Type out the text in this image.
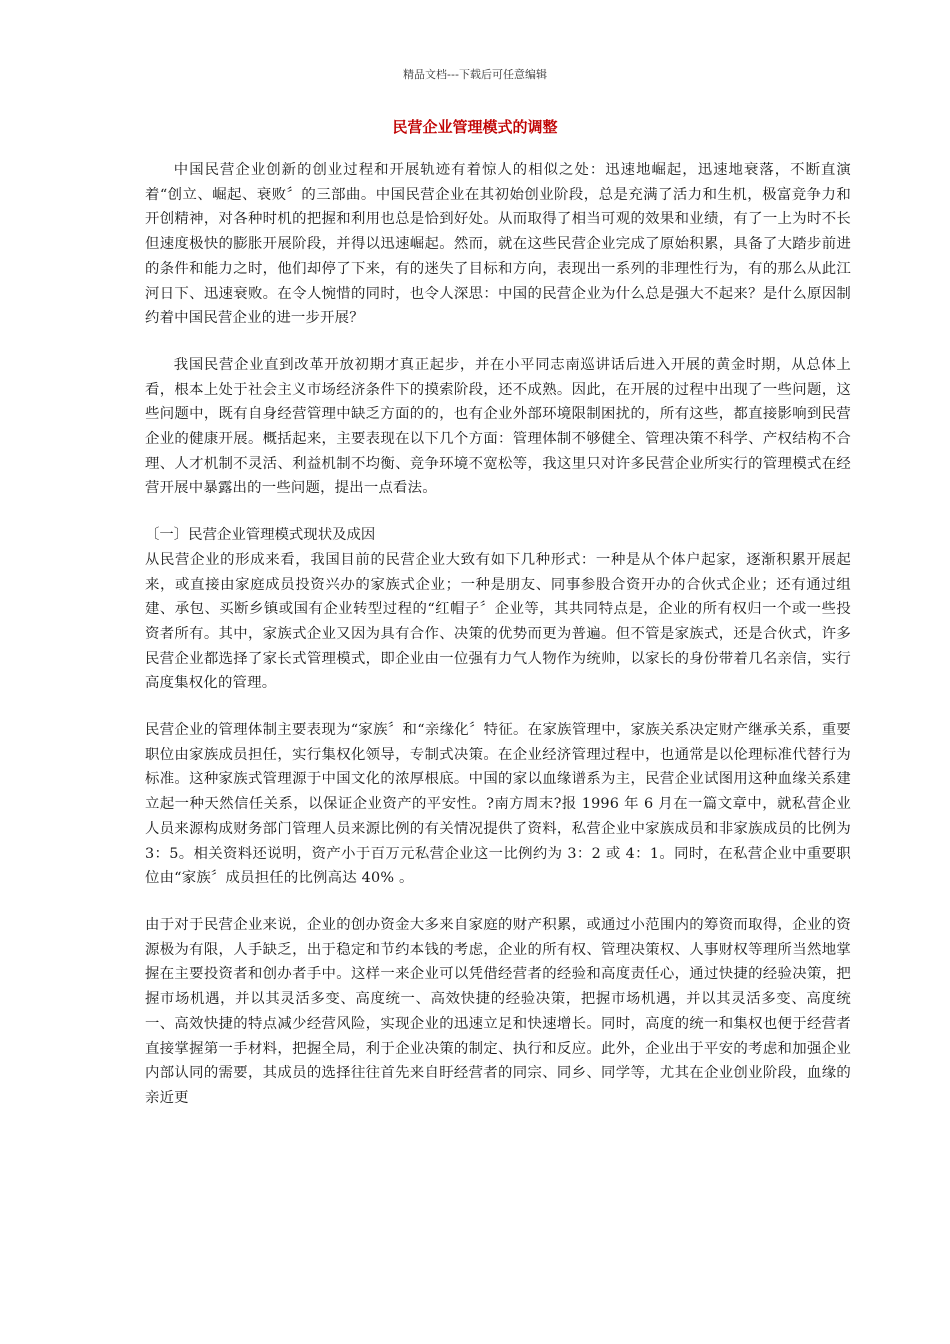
精品文档---下载后可任意编辑
民营企业管理模式的调整

中国民营企业创新的创业过程和开展轨迹有着惊人的相似之处：迅速地崛起，迅速地衰落，不断直演着“创立、崛起、衰败〞的三部曲。中国民营企业在其初始创业阶段，总是充满了活力和生机，极富竞争力和开创精神，对各种时机的把握和利用也总是恰到好处。从而取得了相当可观的效果和业绩，有了一上为时不长但速度极快的膨胀开展阶段，并得以迅速崛起。然而，就在这些民营企业完成了原始积累，具备了大踏步前进的条件和能力之时，他们却停了下来，有的迷失了目标和方向，表现出一系列的非理性行为，有的那么从此江河日下、迅速衰败。在令人惋惜的同时，也令人深思：中国的民营企业为什么总是强大不起来？是什么原因制约着中国民营企业的进一步开展？

我国民营企业直到改革开放初期才真正起步，并在小平同志南巡讲话后进入开展的黄金时期，从总体上看，根本上处于社会主义市场经济条件下的摸索阶段，还不成熟。因此，在开展的过程中出现了一些问题，这些问题中，既有自身经营管理中缺乏方面的的，也有企业外部环境限制困扰的，所有这些，都直接影响到民营企业的健康开展。概括起来，主要表现在以下几个方面：管理体制不够健全、管理决策不科学、产权结构不合理、人才机制不灵活、利益机制不均衡、竞争环境不宽松等，我这里只对许多民营企业所实行的管理模式在经营开展中暴露出的一些问题，提出一点看法。

〔一〕民营企业管理模式现状及成因

从民营企业的形成来看，我国目前的民营企业大致有如下几种形式：一种是从个体户起家，逐渐积累开展起来，或直接由家庭成员投资兴办的家族式企业；一种是朋友、同事参股合资开办的合伙式企业；还有通过组建、承包、买断乡镇或国有企业转型过程的“红帽子〞企业等，其共同特点是，企业的所有权归一个或一些投资者所有。其中，家族式企业又因为具有合作、决策的优势而更为普遍。但不管是家族式，还是合伙式，许多民营企业都选择了家长式管理模式，即企业由一位强有力气人物作为统帅，以家长的身份带着几名亲信，实行高度集权化的管理。

民营企业的管理体制主要表现为“家族〞和“亲缘化〞特征。在家族管理中，家族关系决定财产继承关系，重要职位由家族成员担任，实行集权化领导，专制式决策。在企业经济管理过程中，也通常是以伦理标准代替行为标准。这种家族式管理源于中国文化的浓厚根底。中国的家以血缘谱系为主，民营企业试图用这种血缘关系建立起一种天然信任关系，以保证企业资产的平安性。?南方周末?报 1996 年 6 月在一篇文章中，就私营企业人员来源构成财务部门管理人员来源比例的有关情况提供了资料，私营企业中家族成员和非家族成员的比例为 3：5。相关资料还说明，资产小于百万元私营企业这一比例约为 3：2 或 4：1。同时，在私营企业中重要职位由“家族〞成员担任的比例高达 40% 。

由于对于民营企业来说，企业的创办资金大多来自家庭的财产积累，或通过小范围内的筹资而取得，企业的资源极为有限，人手缺乏，出于稳定和节约本钱的考虑，企业的所有权、管理决策权、人事财权等理所当然地掌握在主要投资者和创办者手中。这样一来企业可以凭借经营者的经验和高度责任心，通过快捷的经验决策，把握市场机遇，并以其灵活多变、高度统一、高效快捷的经验决策，把握市场机遇，并以其灵活多变、高度统一、高效快捷的特点减少经营风险，实现企业的迅速立足和快速增长。同时，高度的统一和集权也便于经营者直接掌握第一手材料，把握全局，利于企业决策的制定、执行和反应。此外，企业出于平安的考虑和加强企业内部认同的需要，其成员的选择往往首先来自盱经营者的同宗、同乡、同学等，尤其在企业创业阶段，血缘的亲近更
